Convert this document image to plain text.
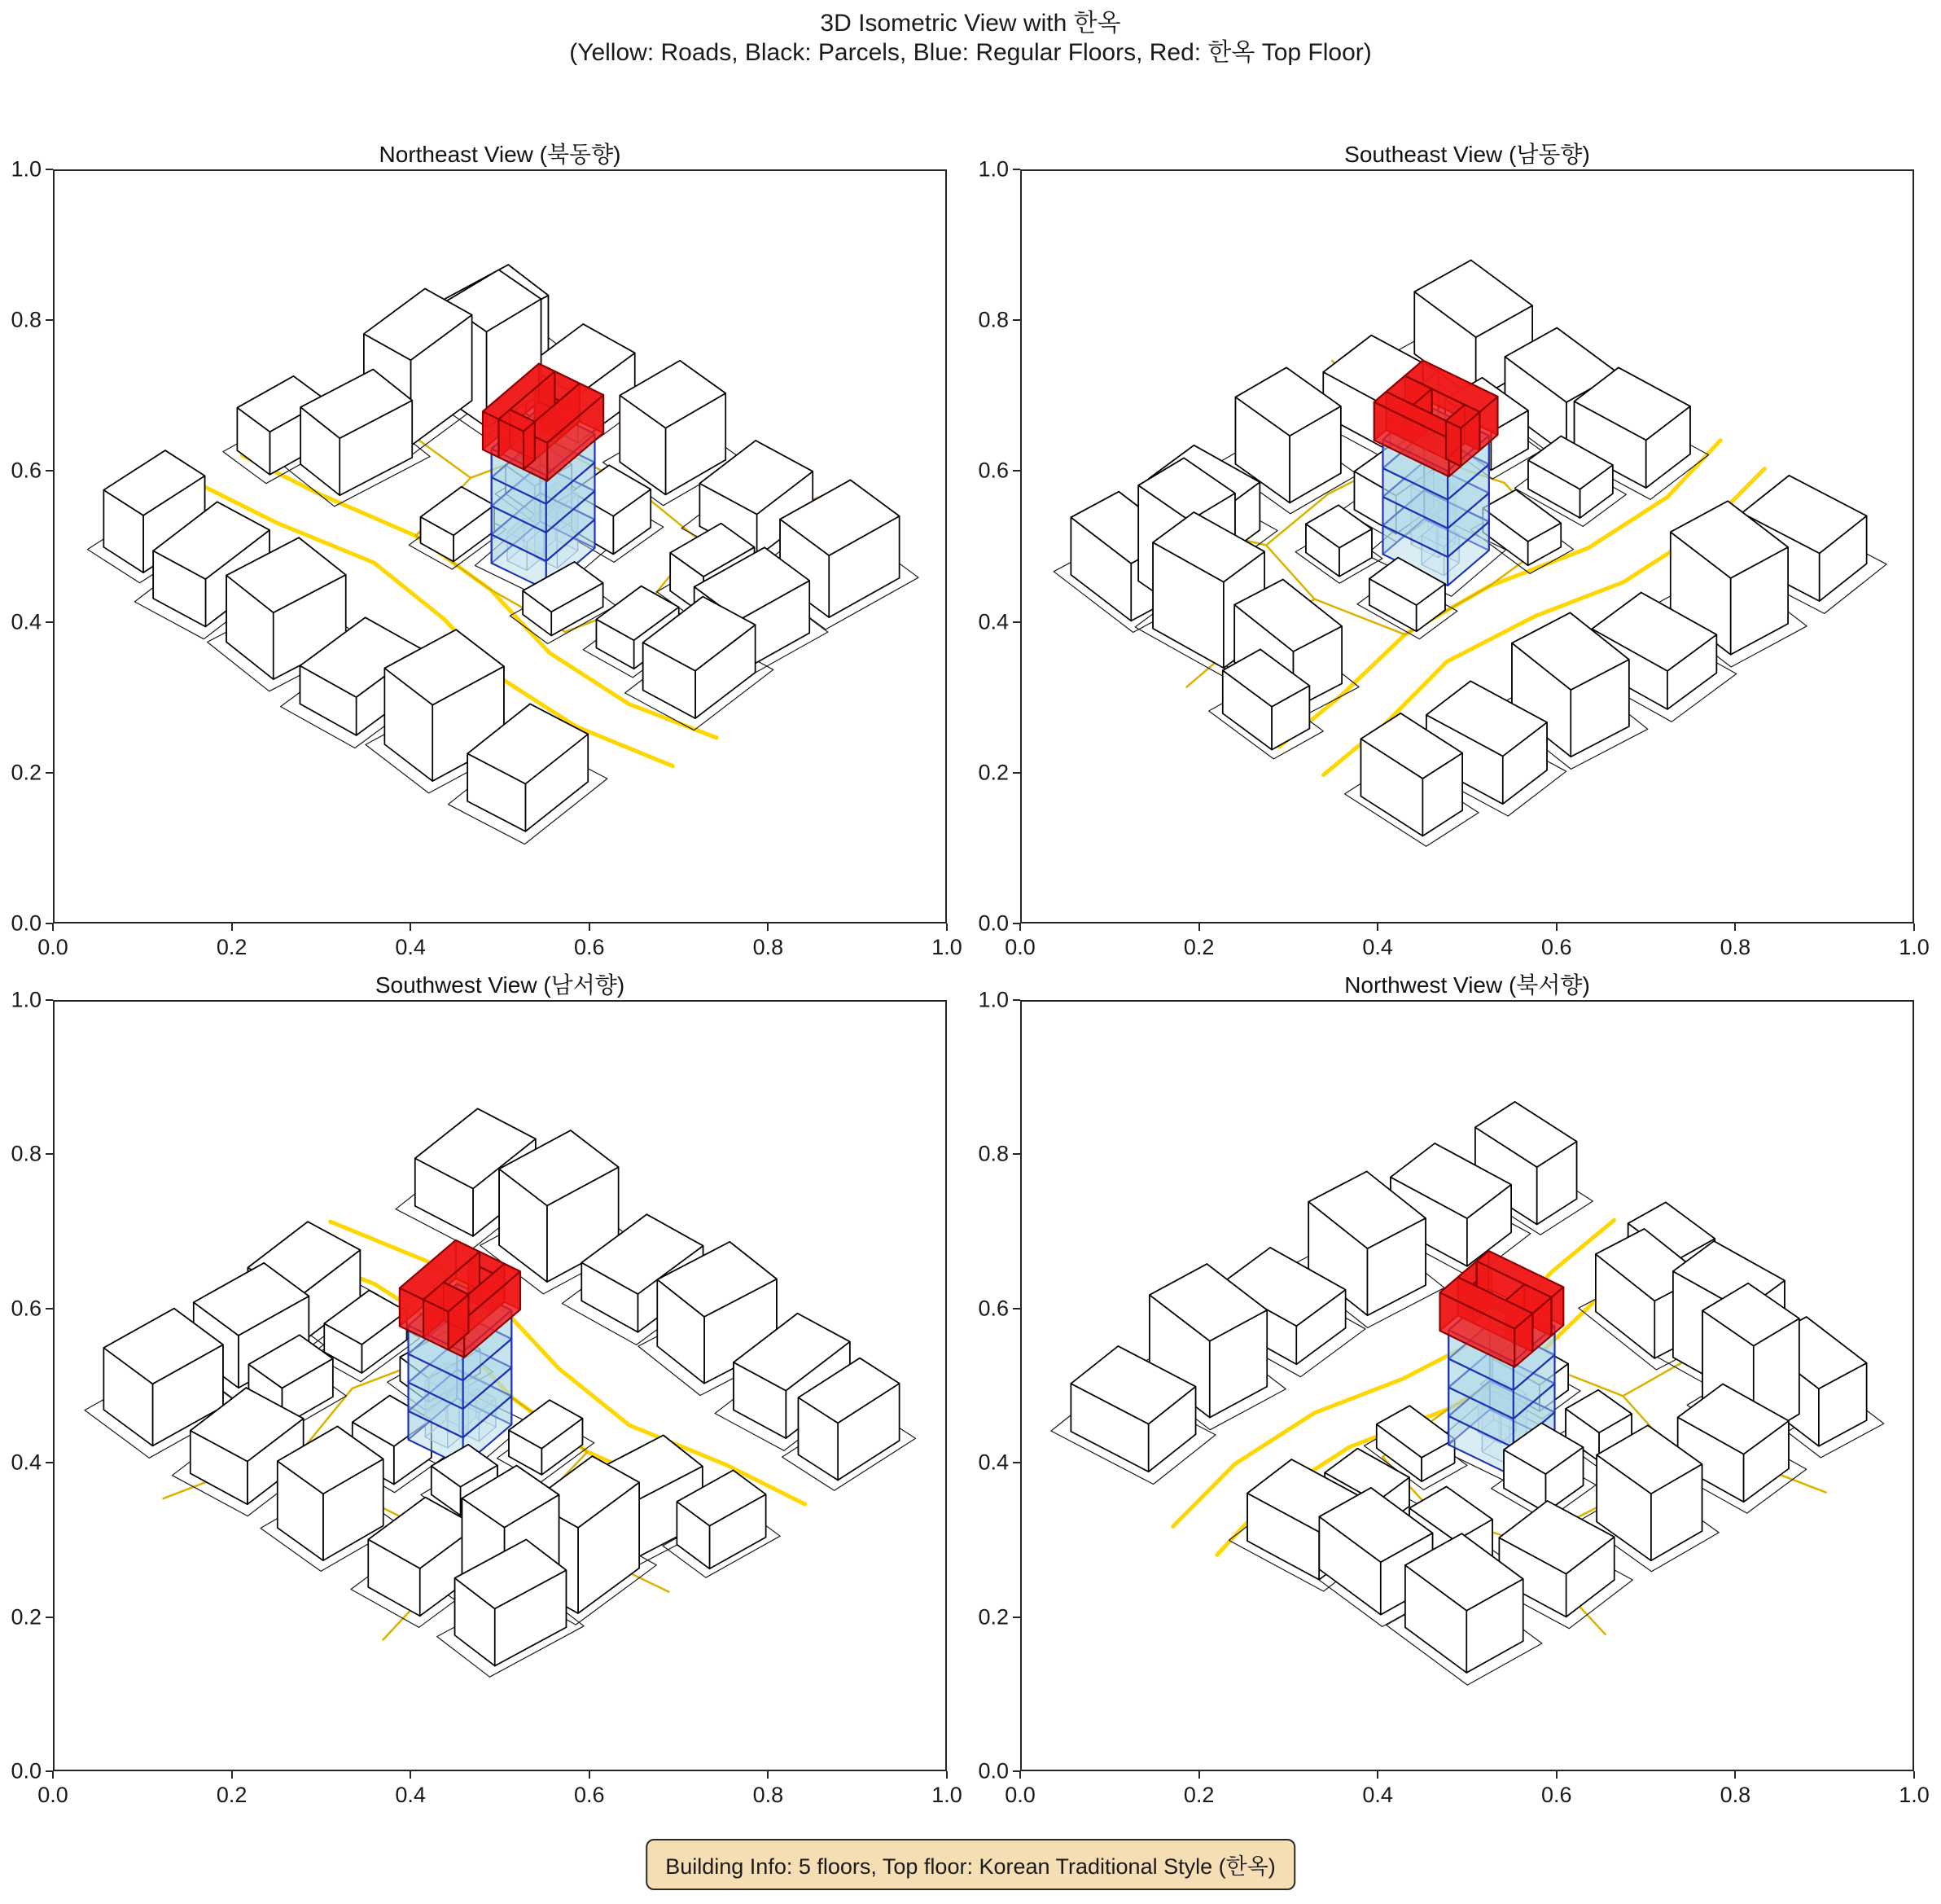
3D Isometric View with 한옥
(Yellow: Roads, Black: Parcels, Blue: Regular Floors, Red: 한옥 Top Floor)
Northeast View (북동향)
0.0	0.2	0.4	0.6	0.8	1.0
0.0
0.2
0.4
0.6
0.8
1.0
Southeast View (남동향)
0.0	0.2	0.4	0.6	0.8	1.0
0.0
0.2
0.4
0.6
0.8
1.0
Southwest View (남서향)
0.0	0.2	0.4	0.6	0.8	1.0
0.0
0.2
0.4
0.6
0.8
1.0
Northwest View (북서향)
0.0	0.2	0.4	0.6	0.8	1.0
0.0
0.2
0.4
0.6
0.8
1.0
Building Info: 5 floors, Top floor: Korean Traditional Style (한옥)
